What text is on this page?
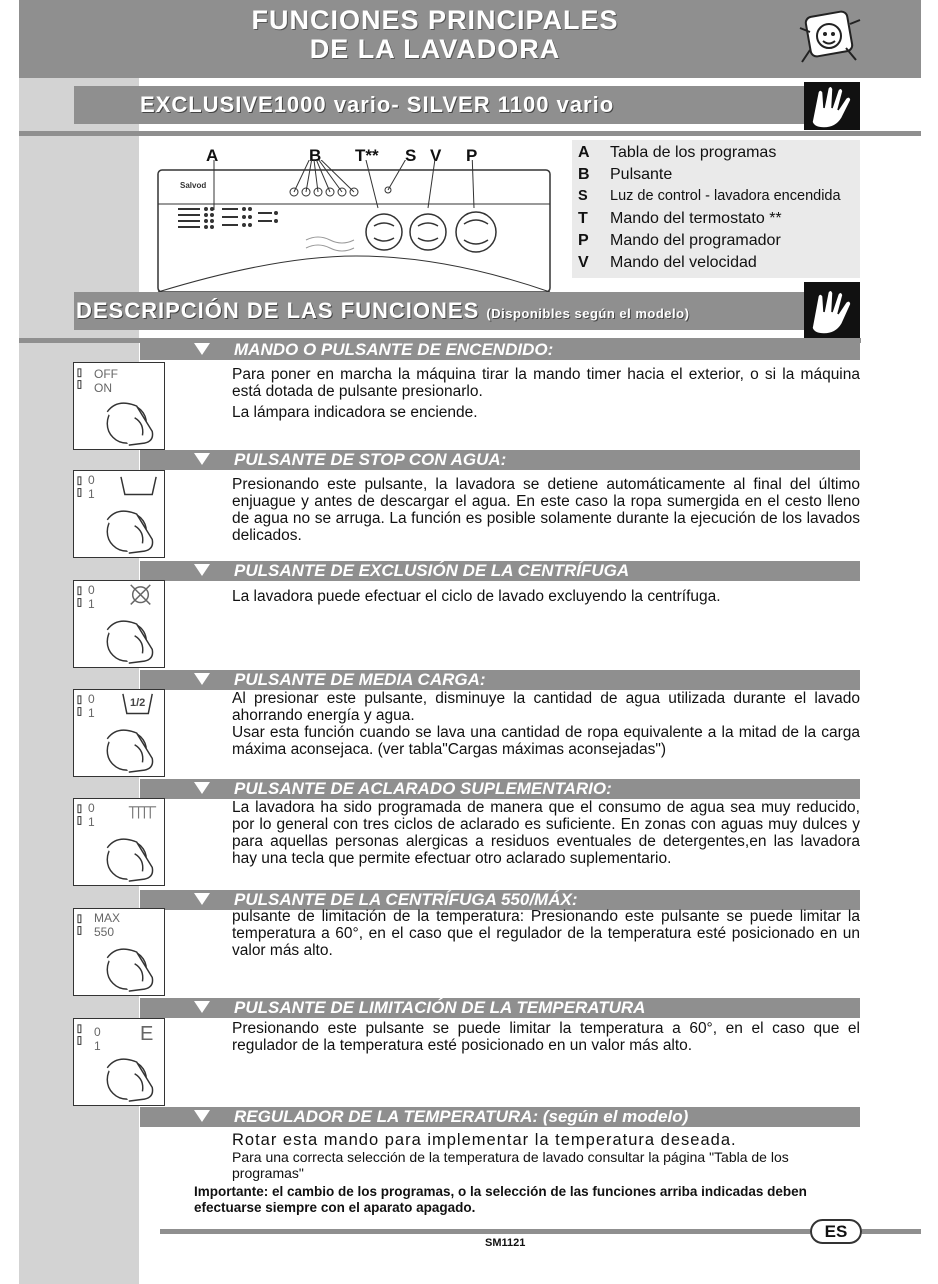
FUNCIONES PRINCIPALES
DE LA LAVADORA
EXCLUSIVE1000 vario- SILVER 1100 vario
A	B T** S V P
Salvod
A Tabla de los programas
B Pulsante
S Luz de control - lavadora encendida
T Mando del termostato **
P Mando del programador
V Mando del velocidad
DESCRIPCIÓN DE LAS FUNCIONES (Disponibles según el modelo)
MANDO O PULSANTE DE ENCENDIDO:
OFF
ON

Para poner en marcha la máquina tirar la mando timer hacia el exterior, o si la máquina está dotada de pulsante presionarlo.

La lámpara indicadora se enciende.

PULSANTE DE STOP CON AGUA:
0
1

Presionando este pulsante, la lavadora se detiene automáticamente al final del último enjuague y antes de descargar el agua. En este caso la ropa sumergida en el cesto lleno de agua no se arruga. La función es posible solamente durante la ejecución de los lavados delicados.

PULSANTE DE EXCLUSIÓN DE LA CENTRÍFUGA
0
1	La lavadora puede efectuar el ciclo de lavado excluyendo la centrífuga.

PULSANTE DE MEDIA CARGA:
0
1
1/2	Al presionar este pulsante, disminuye la cantidad de agua utilizada durante el lavado ahorrando energía y agua.

Usar esta función cuando se lava una cantidad de ropa equivalente a la mitad de la carga máxima aconsejaca. (ver tabla"Cargas máximas aconsejadas")

PULSANTE DE ACLARADO SUPLEMENTARIO:
0
1

La lavadora ha sido programada de manera que el consumo de agua sea muy reducido, por lo general con tres ciclos de aclarado es suficiente. En zonas con aguas muy dulces y para aquellas personas alergicas a residuos eventuales de detergentes,en las lavadora hay una tecla que permite efectuar otro aclarado suplementario.

PULSANTE DE LA CENTRÍFUGA 550/MÁX:
MAX
550

pulsante de limitación de la temperatura: Presionando este pulsante se puede limitar la temperatura a 60°, en el caso que el regulador de la temperatura esté posicionado en un valor más alto.

PULSANTE DE LIMITACIÓN DE LA TEMPERATURA
0
1
E	Presionando este pulsante se puede limitar la temperatura a 60°, en el caso que el regulador de la temperatura esté posicionado en un valor más alto.

REGULADOR DE LA TEMPERATURA: (según el modelo)

Rotar esta mando para implementar la temperatura deseada.

Para una correcta selección de la temperatura de lavado consultar la página "Tabla de los programas"

Importante: el cambio de los programas, o la selección de las funciones arriba indicadas deben efectuarse siempre con el aparato apagado.
ES
SM1121
